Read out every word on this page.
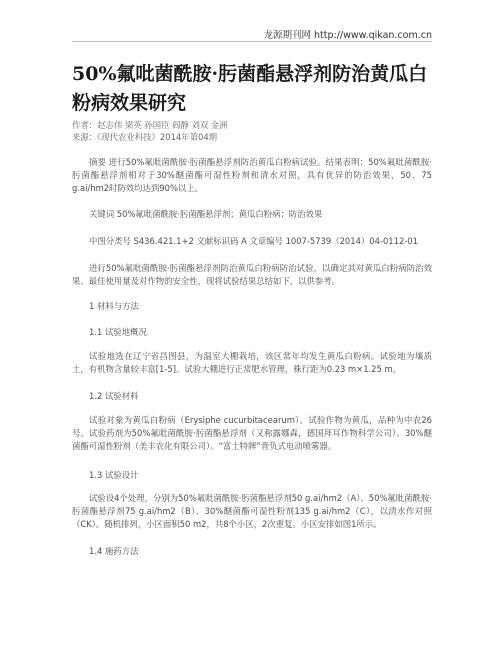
龙源期刊网 http://www.qikan.com.cn
50%氟吡菌酰胺·肟菌酯悬浮剂防治黄瓜白粉病效果研究
作者：赵志伟 梁英 孙国臣 阎静 刘双 金洲
来源：《现代农业科技》2014年第04期

摘要 进行50%氟吡菌酰胺·肟菌酯悬浮剂防治黄瓜白粉病试验。结果表明：50%氟吡菌酰胺·肟菌酯悬浮剂相对于30%醚菌酯可湿性粉剂和清水对照，具有优异的防治效果，50、75 g.ai/hm2时防效均达到90%以上。

关键词 50%氟吡菌酰胺·肟菌酯悬浮剂；黄瓜白粉病；防治效果

中图分类号 S436.421.1+2 文献标识码 A 文章编号 1007-5739（2014）04-0112-01

进行50%氟吡菌酰胺·肟菌酯悬浮剂防治黄瓜白粉病防治试验，以确定其对黄瓜白粉病防治效果、最佳使用量及对作物的安全性，现将试验结果总结如下，以供参考。

1 材料与方法
1.1 试验地概况

试验地选在辽宁省昌图县，为温室大棚栽培，该区常年均发生黄瓜白粉病。试验地为壤质土，有机物含量较丰富[1-5]。试验大棚进行正常肥水管理，株行距为0.23 m×1.25 m。

1.2 试验材料

试验对象为黄瓜白粉病（Erysiphe cucurbitacearum）。试验作物为黄瓜，品种为中农26号。试验药剂为50%氟吡菌酰胺·肟菌酯悬浮剂（又称露娜森，德国拜耳作物科学公司）、30%醚菌酯可湿性粉剂（美丰农化有限公司）。“富士特牌”背负式电动喷雾器。

1.3 试验设计

试验设4个处理，分别为50%氟吡菌酰胺·肟菌酯悬浮剂50 g.ai/hm2（A）、50%氟吡菌酰胺·肟菌酯悬浮剂75 g.ai/hm2（B）、30%醚菌酯可湿性粉剂135 g.ai/hm2（C），以清水作对照（CK）。随机排列，小区面积50 m2，共8个小区，2次重复。小区安排如图1所示。

1.4 施药方法
